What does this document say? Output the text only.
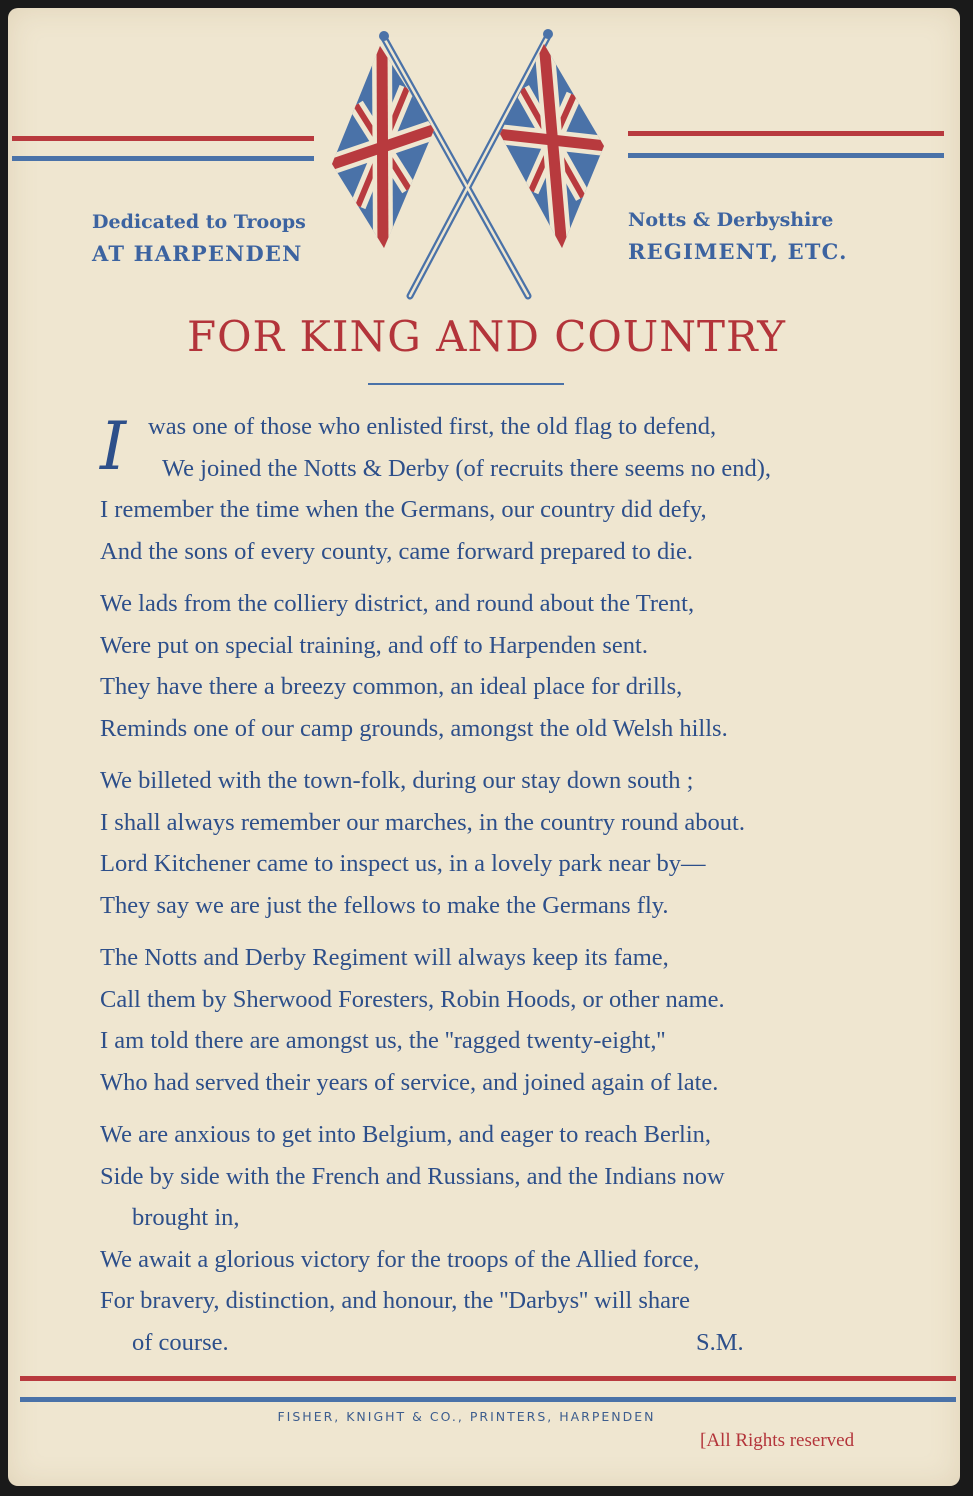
Dedicated to Troops
AT HARPENDEN
Notts & Derbyshire
REGIMENT, ETC.
FOR KING AND COUNTRY
I was one of those who enlisted first, the old flag to defend,
We joined the Notts & Derby (of recruits there seems no end),
I remember the time when the Germans, our country did defy,
And the sons of every county, came forward prepared to die.
We lads from the colliery district, and round about the Trent,
Were put on special training, and off to Harpenden sent.
They have there a breezy common, an ideal place for drills,
Reminds one of our camp grounds, amongst the old Welsh hills.
We billeted with the town-folk, during our stay down south ;
I shall always remember our marches, in the country round about.
Lord Kitchener came to inspect us, in a lovely park near by—
They say we are just the fellows to make the Germans fly.
The Notts and Derby Regiment will always keep its fame,
Call them by Sherwood Foresters, Robin Hoods, or other name.
I am told there are amongst us, the ''ragged twenty-eight,''
Who had served their years of service, and joined again of late.
We are anxious to get into Belgium, and eager to reach Berlin,
Side by side with the French and Russians, and the Indians now
brought in,
We await a glorious victory for the troops of the Allied force,
For bravery, distinction, and honour, the ''Darbys'' will share
of course.	S.M.
FISHER, KNIGHT & CO., PRINTERS, HARPENDEN
[All Rights reserved
